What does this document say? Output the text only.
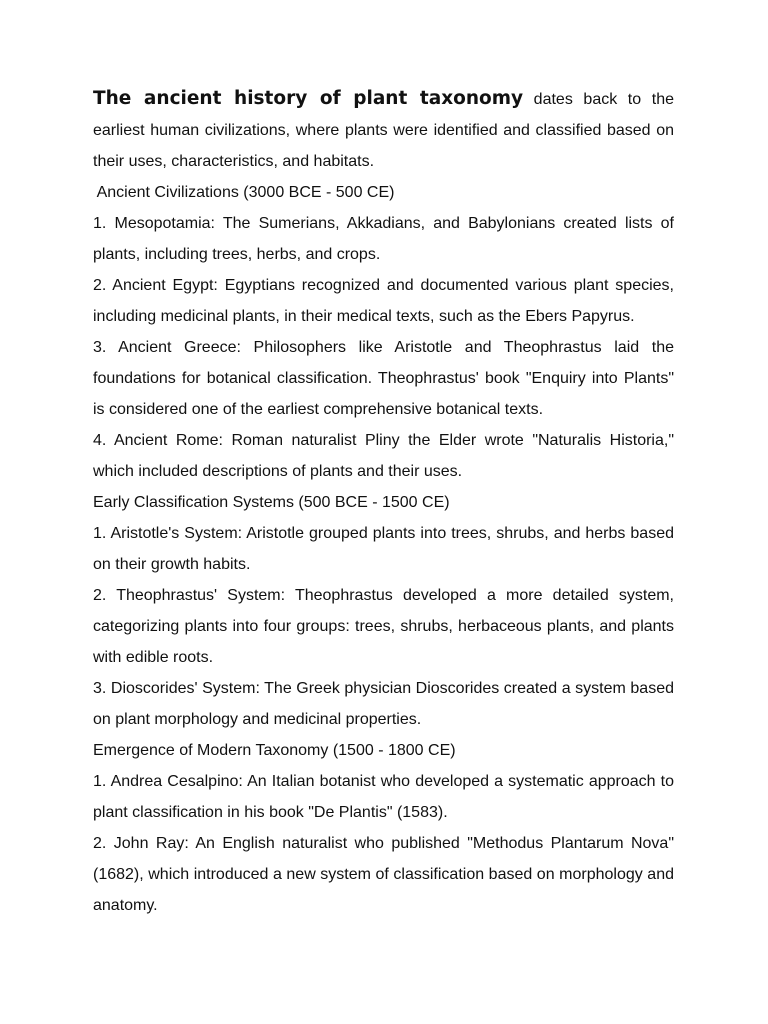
The ancient history of plant taxonomy dates back to the earliest human civilizations, where plants were identified and classified based on their uses, characteristics, and habitats.

Ancient Civilizations (3000 BCE - 500 CE)

1. Mesopotamia: The Sumerians, Akkadians, and Babylonians created lists of plants, including trees, herbs, and crops.

2. Ancient Egypt: Egyptians recognized and documented various plant species, including medicinal plants, in their medical texts, such as the Ebers Papyrus.

3. Ancient Greece: Philosophers like Aristotle and Theophrastus laid the foundations for botanical classification. Theophrastus' book "Enquiry into Plants" is considered one of the earliest comprehensive botanical texts.

4. Ancient Rome: Roman naturalist Pliny the Elder wrote "Naturalis Historia," which included descriptions of plants and their uses.

Early Classification Systems (500 BCE - 1500 CE)

1. Aristotle's System: Aristotle grouped plants into trees, shrubs, and herbs based on their growth habits.

2. Theophrastus' System: Theophrastus developed a more detailed system, categorizing plants into four groups: trees, shrubs, herbaceous plants, and plants with edible roots.

3. Dioscorides' System: The Greek physician Dioscorides created a system based on plant morphology and medicinal properties.

Emergence of Modern Taxonomy (1500 - 1800 CE)

1. Andrea Cesalpino: An Italian botanist who developed a systematic approach to plant classification in his book "De Plantis" (1583).

2. John Ray: An English naturalist who published "Methodus Plantarum Nova" (1682), which introduced a new system of classification based on morphology and anatomy.
